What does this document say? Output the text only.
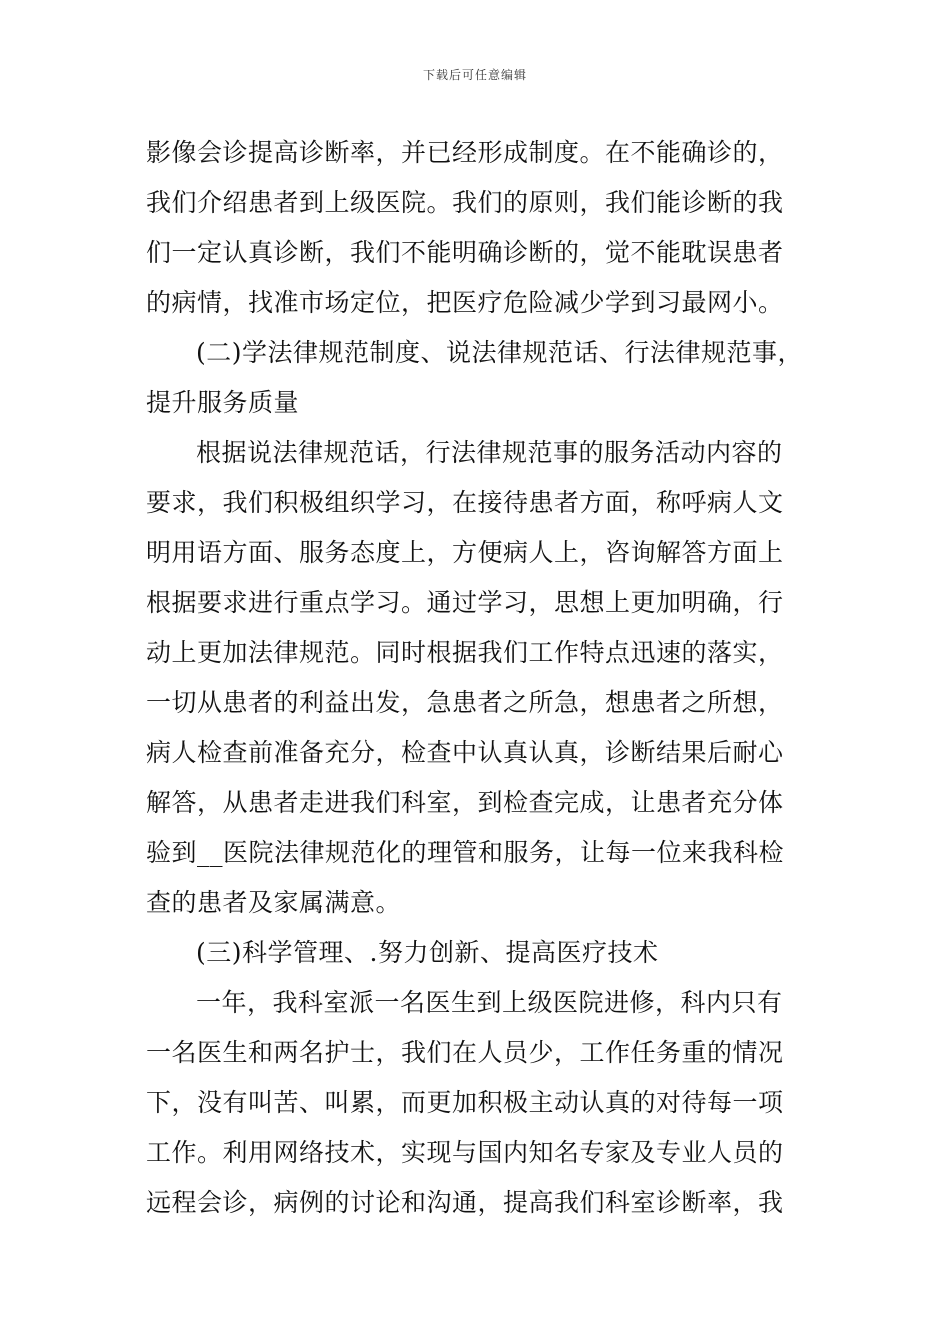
下载后可任意编辑
影像会诊提高诊断率，并已经形成制度。在不能确诊的，
我们介绍患者到上级医院。我们的原则，我们能诊断的我
们一定认真诊断，我们不能明确诊断的，觉不能耽误患者
的病情，找准市场定位，把医疗危险减少学到习最网小。
(二)学法律规范制度、说法律规范话、行法律规范事，
提升服务质量
根据说法律规范话，行法律规范事的服务活动内容的
要求，我们积极组织学习，在接待患者方面，称呼病人文
明用语方面、服务态度上，方便病人上，咨询解答方面上
根据要求进行重点学习。通过学习，思想上更加明确，行
动上更加法律规范。同时根据我们工作特点迅速的落实，
一切从患者的利益出发，急患者之所急，想患者之所想，
病人检查前准备充分，检查中认真认真，诊断结果后耐心
解答，从患者走进我们科室，到检查完成，让患者充分体
验到__医院法律规范化的理管和服务，让每一位来我科检
查的患者及家属满意。
(三)科学管理、.努力创新、提高医疗技术
一年，我科室派一名医生到上级医院进修，科内只有
一名医生和两名护士，我们在人员少，工作任务重的情况
下，没有叫苦、叫累，而更加积极主动认真的对待每一项
工作。利用网络技术，实现与国内知名专家及专业人员的
远程会诊，病例的讨论和沟通，提高我们科室诊断率，我
